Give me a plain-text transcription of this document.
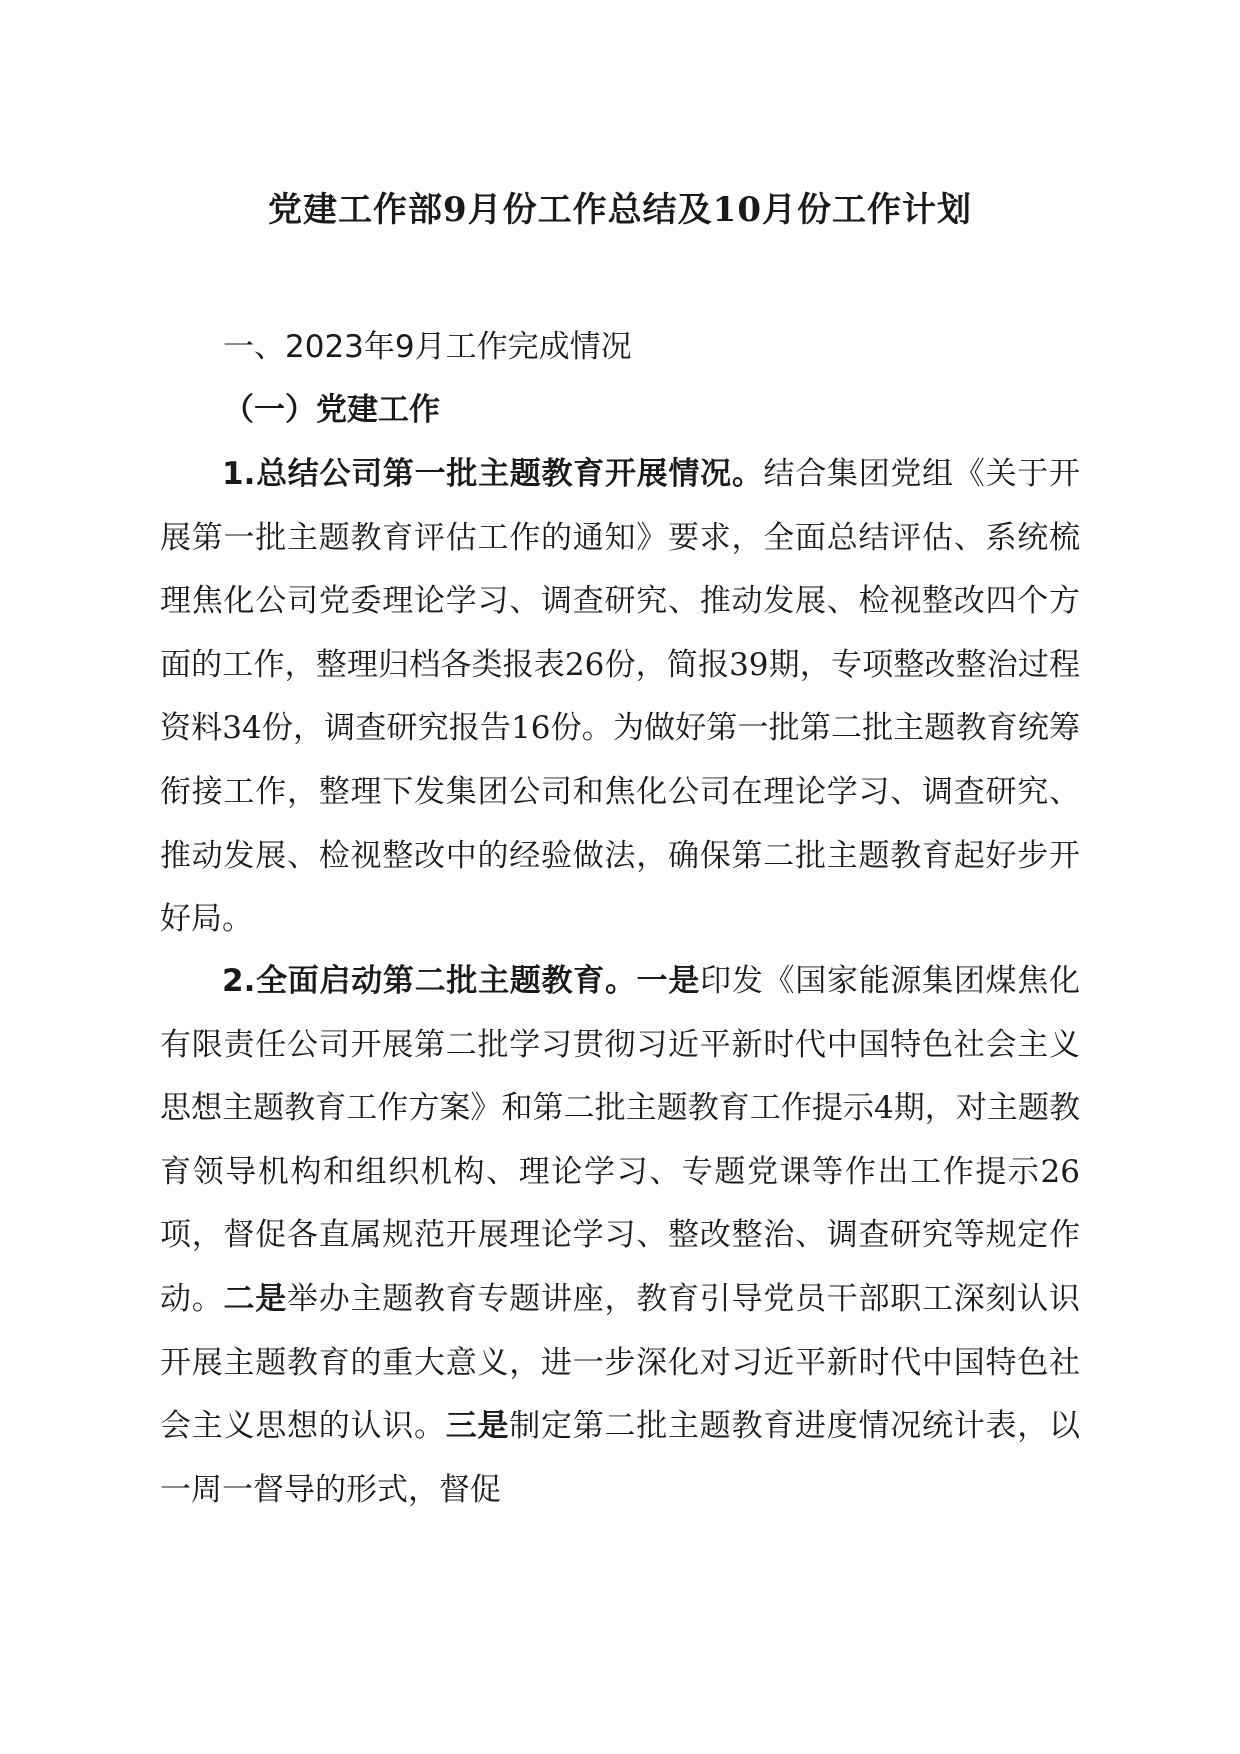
党建工作部9月份工作总结及10月份工作计划
一、2023年9月工作完成情况
（一）党建工作

1.总结公司第一批主题教育开展情况。结合集团党组《关于开展第一批主题教育评估工作的通知》要求，全面总结评估、系统梳理焦化公司党委理论学习、调查研究、推动发展、检视整改四个方面的工作，整理归档各类报表26份，简报39期，专项整改整治过程资料34份，调查研究报告16份。为做好第一批第二批主题教育统筹衔接工作，整理下发集团公司和焦化公司在理论学习、调查研究、推动发展、检视整改中的经验做法，确保第二批主题教育起好步开好局。

2.全面启动第二批主题教育。一是印发《国家能源集团煤焦化有限责任公司开展第二批学习贯彻习近平新时代中国特色社会主义思想主题教育工作方案》和第二批主题教育工作提示4期，对主题教育领导机构和组织机构、理论学习、专题党课等作出工作提示26项，督促各直属规范开展理论学习、整改整治、调查研究等规定作动。二是举办主题教育专题讲座，教育引导党员干部职工深刻认识开展主题教育的重大意义，进一步深化对习近平新时代中国特色社会主义思想的认识。三是制定第二批主题教育进度情况统计表，以一周一督导的形式，督促
